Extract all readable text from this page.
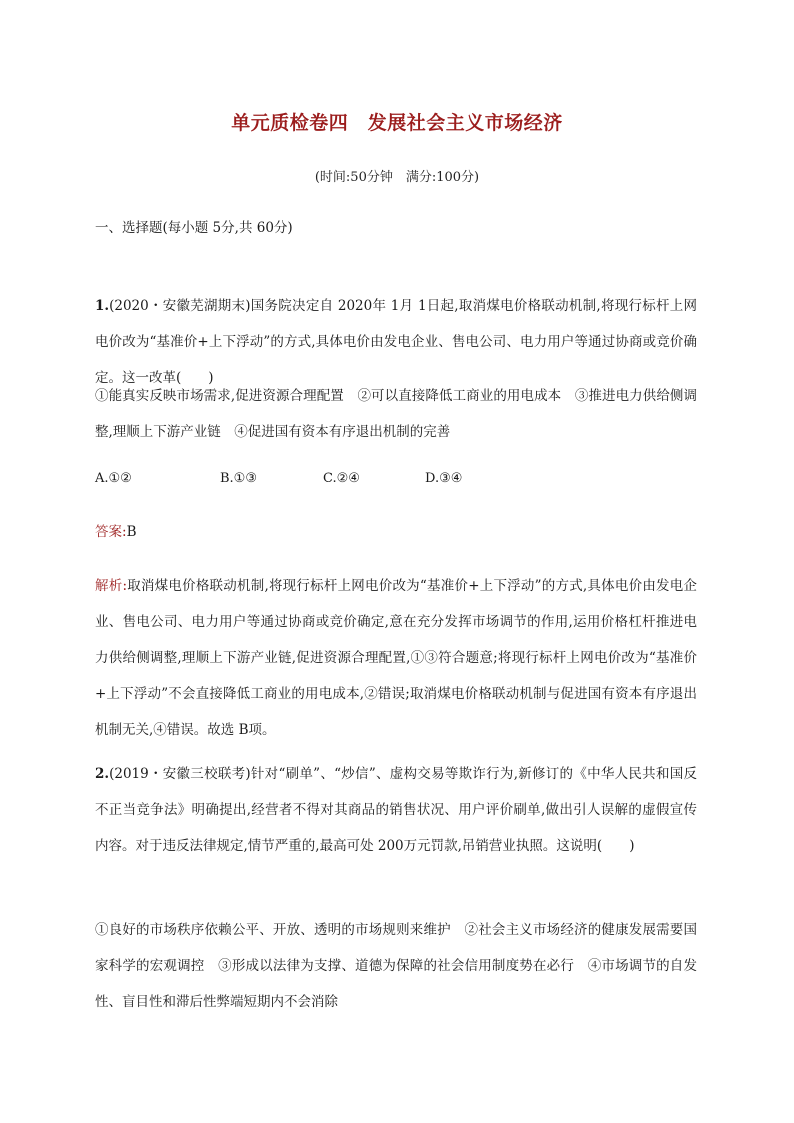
单元质检卷四　发展社会主义市场经济
(时间:50分钟　满分:100分)
一、选择题(每小题 5分,共 60分)
1.(2020・安徽芜湖期末)国务院决定自 2020年 1月 1日起,取消煤电价格联动机制,将现行标杆上网电价改为“基准价+上下浮动”的方式,具体电价由发电企业、售电公司、电力用户等通过协商或竞价确定。这一改革(　　)
①能真实反映市场需求,促进资源合理配置　②可以直接降低工商业的用电成本　③推进电力供给侧调整,理顺上下游产业链　④促进国有资本有序退出机制的完善
A.①②	B.①③	C.②④	D.③④
答案:B
解析:取消煤电价格联动机制,将现行标杆上网电价改为“基准价+上下浮动”的方式,具体电价由发电企业、售电公司、电力用户等通过协商或竞价确定,意在充分发挥市场调节的作用,运用价格杠杆推进电力供给侧调整,理顺上下游产业链,促进资源合理配置,①③符合题意;将现行标杆上网电价改为“基准价+上下浮动”不会直接降低工商业的用电成本,②错误;取消煤电价格联动机制与促进国有资本有序退出机制无关,④错误。故选 B项。
2.(2019・安徽三校联考)针对“刷单”、“炒信”、虚构交易等欺诈行为,新修订的《中华人民共和国反不正当竞争法》明确提出,经营者不得对其商品的销售状况、用户评价刷单,做出引人误解的虚假宣传内容。对于违反法律规定,情节严重的,最高可处 200万元罚款,吊销营业执照。这说明(　　)
①良好的市场秩序依赖公平、开放、透明的市场规则来维护　②社会主义市场经济的健康发展需要国家科学的宏观调控　③形成以法律为支撑、道德为保障的社会信用制度势在必行　④市场调节的自发性、盲目性和滞后性弊端短期内不会消除
